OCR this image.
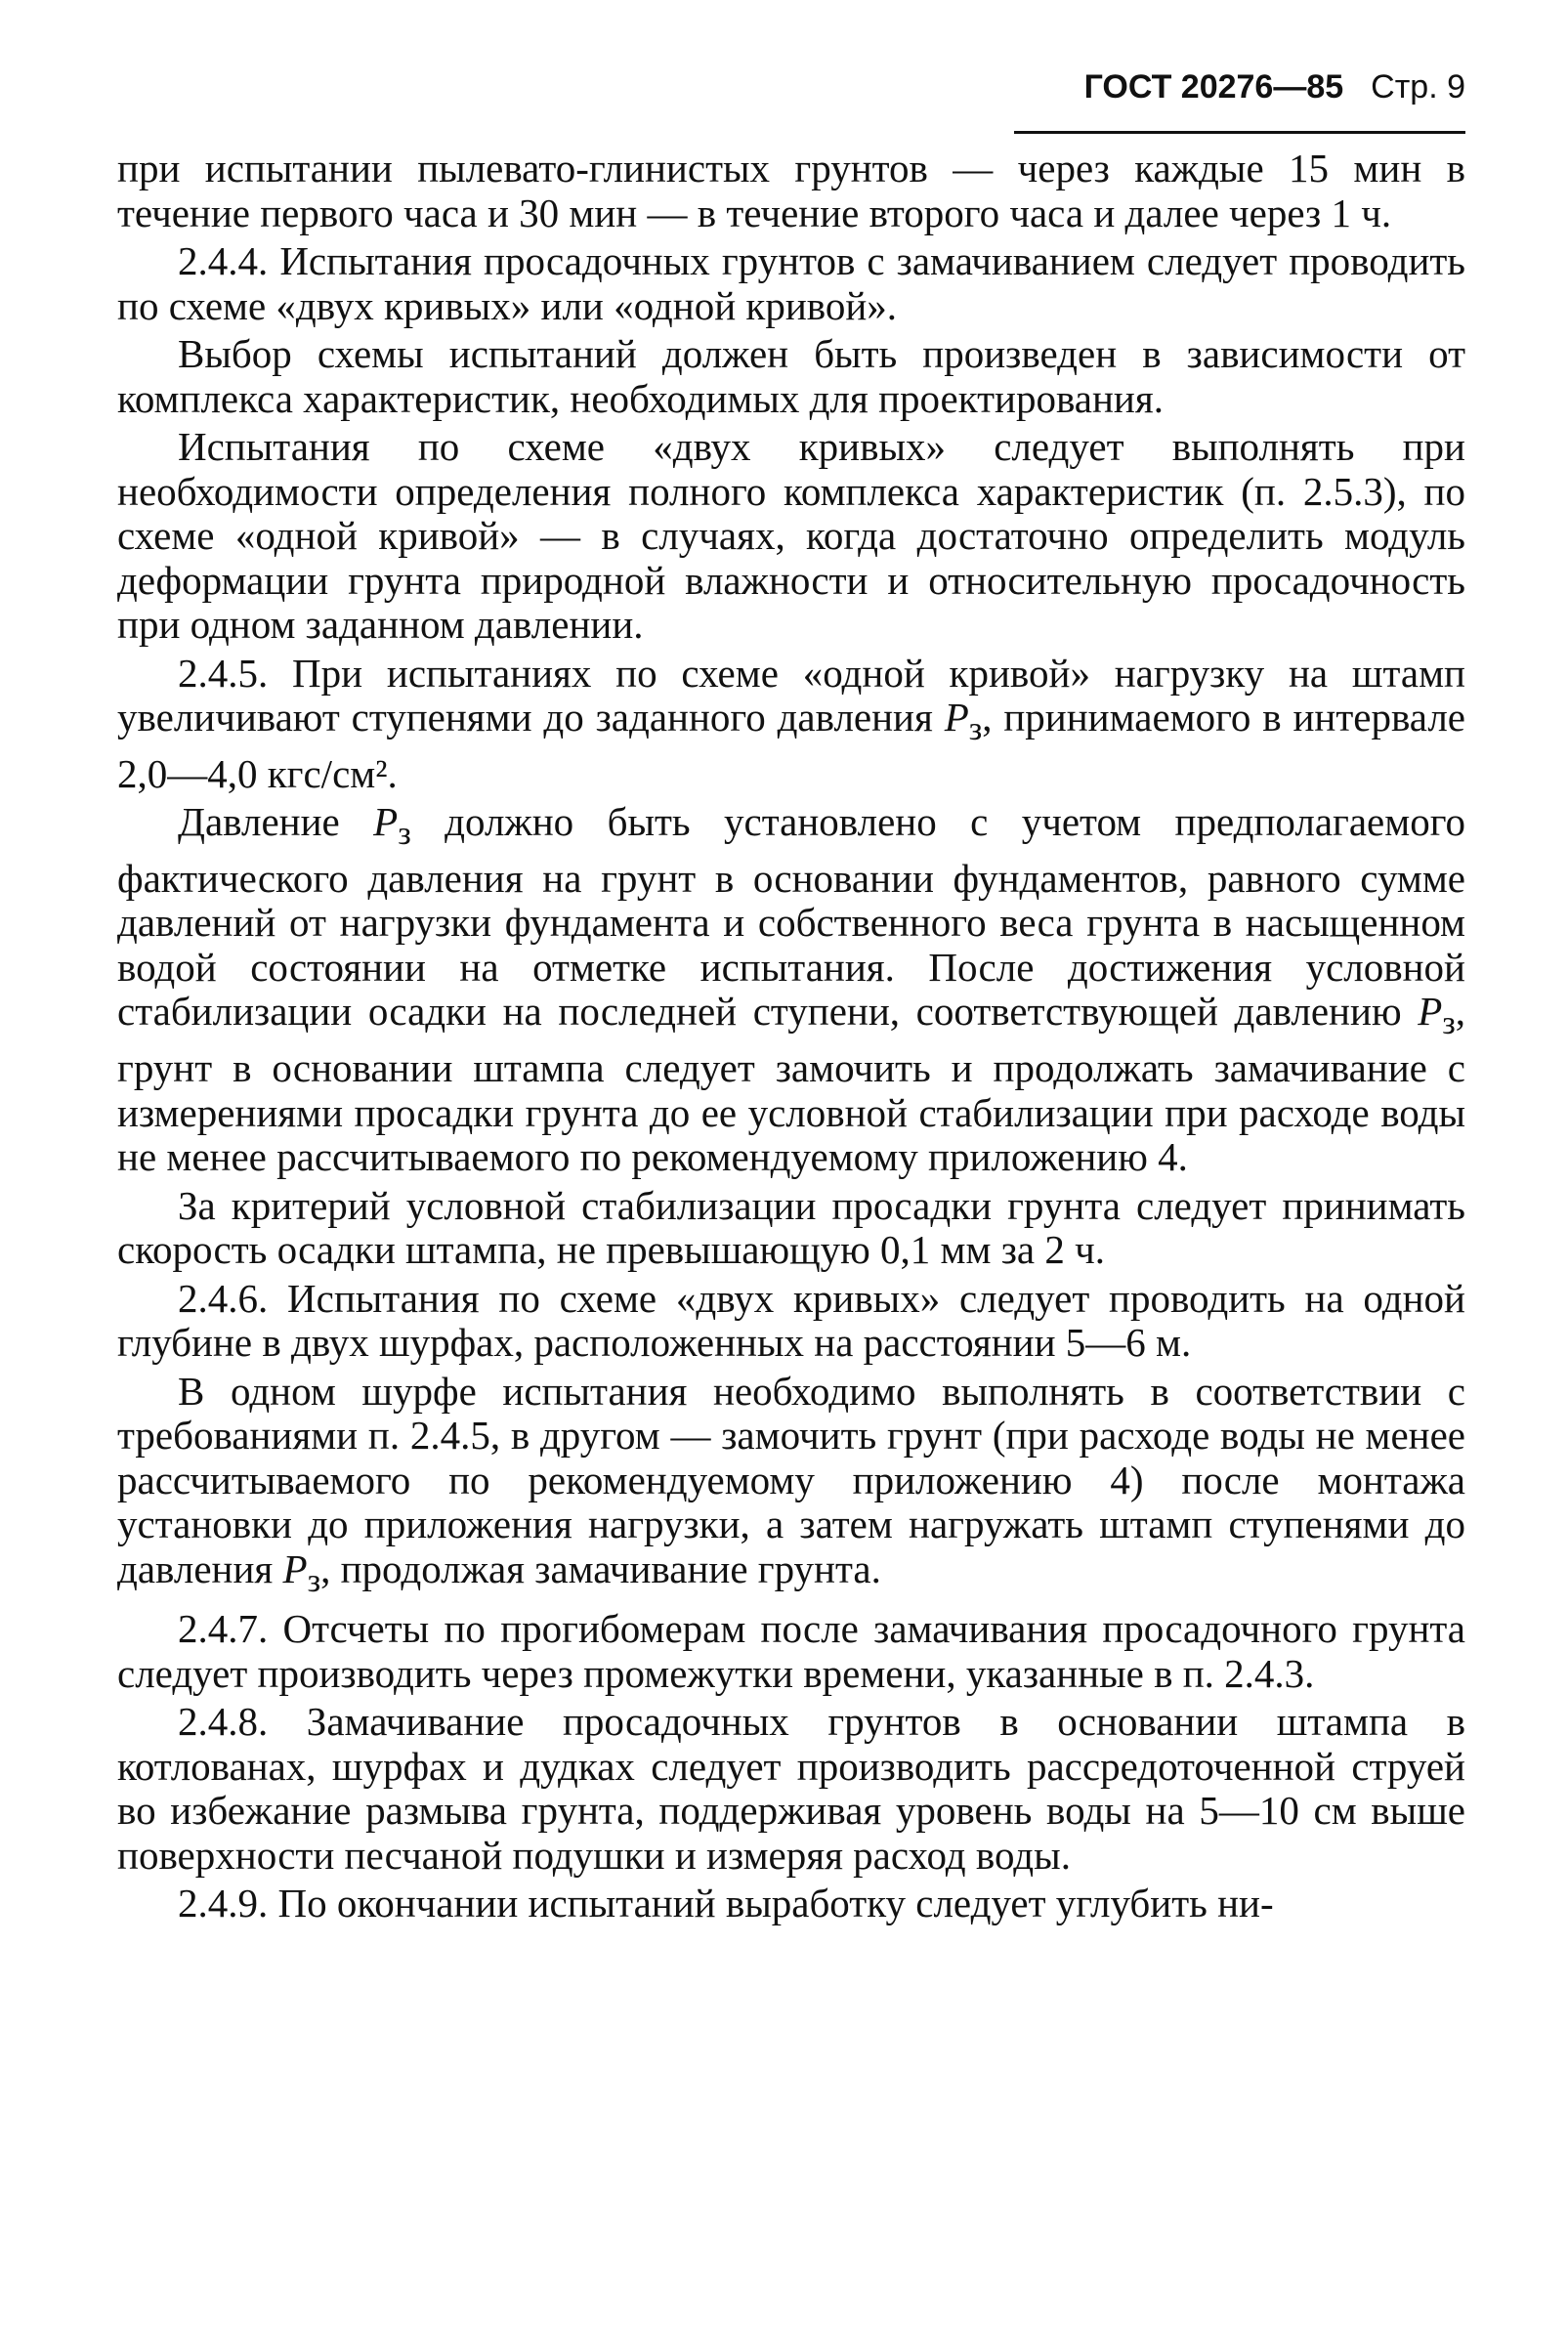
ГОСТ 20276—85 Стр. 9

при испытании пылевато-глинистых грунтов — через каждые 15 мин в течение первого часа и 30 мин — в течение второго часа и далее через 1 ч.

2.4.4. Испытания просадочных грунтов с замачиванием следует проводить по схеме «двух кривых» или «одной кривой».

Выбор схемы испытаний должен быть произведен в зависимости от комплекса характеристик, необходимых для проектирования.

Испытания по схеме «двух кривых» следует выполнять при необходимости определения полного комплекса характеристик (п. 2.5.3), по схеме «одной кривой» — в случаях, когда достаточно определить модуль деформации грунта природной влажности и относительную просадочность при одном заданном давлении.

2.4.5. При испытаниях по схеме «одной кривой» нагрузку на штамп увеличивают ступенями до заданного давления $P_з$, принимаемого в интервале 2,0—4,0 кгс/см².

Давление $P_з$ должно быть установлено с учетом предполагаемого фактического давления на грунт в основании фундаментов, равного сумме давлений от нагрузки фундамента и собственного веса грунта в насыщенном водой состоянии на отметке испытания. После достижения условной стабилизации осадки на последней ступени, соответствующей давлению $P_з$, грунт в основании штампа следует замочить и продолжать замачивание с измерениями просадки грунта до ее условной стабилизации при расходе воды не менее рассчитываемого по рекомендуемому приложению 4.

За критерий условной стабилизации просадки грунта следует принимать скорость осадки штампа, не превышающую 0,1 мм за 2 ч.

2.4.6. Испытания по схеме «двух кривых» следует проводить на одной глубине в двух шурфах, расположенных на расстоянии 5—6 м.

В одном шурфе испытания необходимо выполнять в соответствии с требованиями п. 2.4.5, в другом — замочить грунт (при расходе воды не менее рассчитываемого по рекомендуемому приложению 4) после монтажа установки до приложения нагрузки, а затем нагружать штамп ступенями до давления $P_з$, продолжая замачивание грунта.

2.4.7. Отсчеты по прогибомерам после замачивания просадочного грунта следует производить через промежутки времени, указанные в п. 2.4.3.

2.4.8. Замачивание просадочных грунтов в основании штампа в котлованах, шурфах и дудках следует производить рассредоточенной струей во избежание размыва грунта, поддерживая уровень воды на 5—10 см выше поверхности песчаной подушки и измеряя расход воды.

2.4.9. По окончании испытаний выработку следует углубить ни-
